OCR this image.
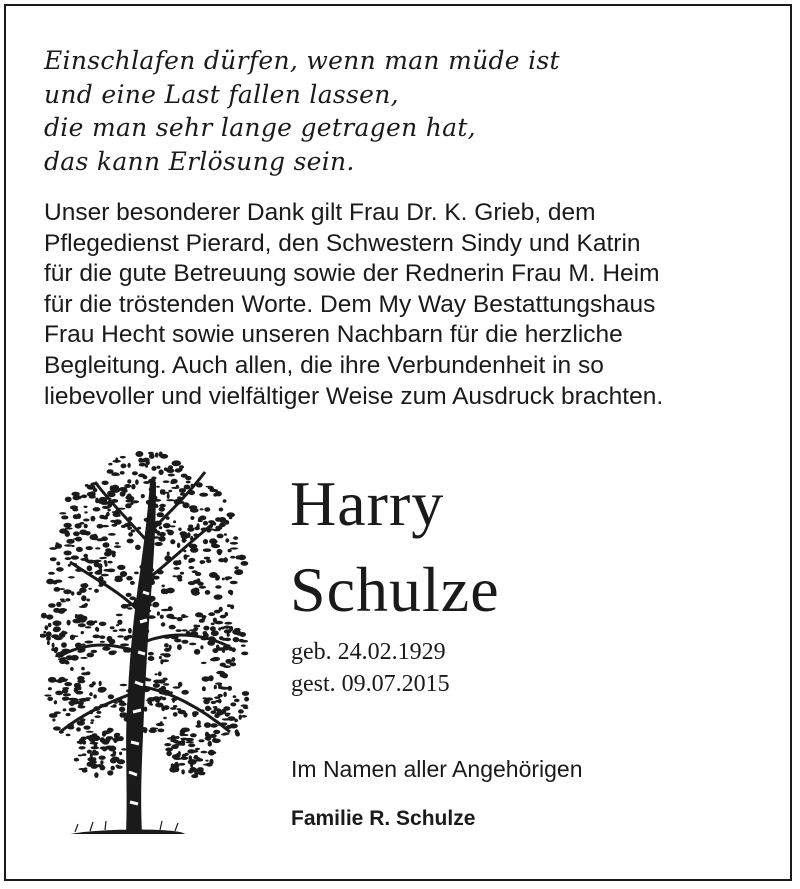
Einschlafen dürfen, wenn man müde ist
und eine Last fallen lassen,
die man sehr lange getragen hat,
das kann Erlösung sein.
Unser besonderer Dank gilt Frau Dr. K. Grieb, dem
Pflegedienst Pierard, den Schwestern Sindy und Katrin
für die gute Betreuung sowie der Rednerin Frau M. Heim
für die tröstenden Worte. Dem My Way Bestattungshaus
Frau Hecht sowie unseren Nachbarn für die herzliche
Begleitung. Auch allen, die ihre Verbundenheit in so
liebevoller und vielfältiger Weise zum Ausdruck brachten.
Harry
Schulze
geb. 24.02.1929
gest. 09.07.2015
Im Namen aller Angehörigen
Familie R. Schulze
